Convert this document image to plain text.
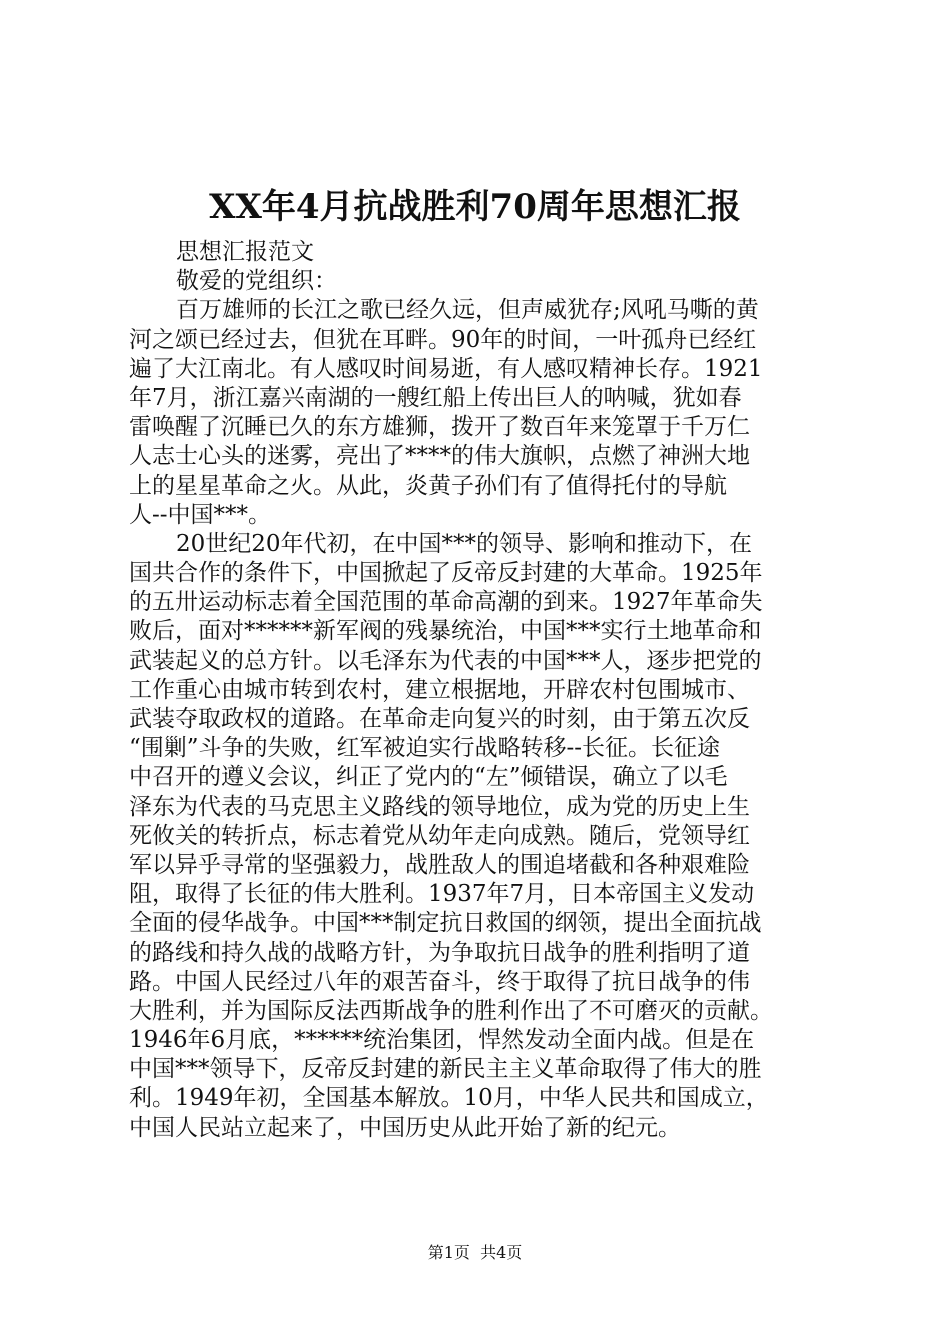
XX年4月抗战胜利70周年思想汇报
思想汇报范文
敬爱的党组织：
百万雄师的长江之歌已经久远，但声威犹存;风吼马嘶的黄
河之颂已经过去，但犹在耳畔。90年的时间，一叶孤舟已经红
遍了大江南北。有人感叹时间易逝，有人感叹精神长存。1921
年7月，浙江嘉兴南湖的一艘红船上传出巨人的呐喊，犹如春
雷唤醒了沉睡已久的东方雄狮，拨开了数百年来笼罩于千万仁
人志士心头的迷雾，亮出了****的伟大旗帜，点燃了神洲大地
上的星星革命之火。从此，炎黄子孙们有了值得托付的导航
人--中国***。
20世纪20年代初，在中国***的领导、影响和推动下，在
国共合作的条件下，中国掀起了反帝反封建的大革命。1925年
的五卅运动标志着全国范围的革命高潮的到来。1927年革命失
败后，面对******新军阀的残暴统治，中国***实行土地革命和
武装起义的总方针。以毛泽东为代表的中国***人，逐步把党的
工作重心由城市转到农村，建立根据地，开辟农村包围城市、
武装夺取政权的道路。在革命走向复兴的时刻，由于第五次反
“围剿”斗争的失败，红军被迫实行战略转移--长征。长征途
中召开的遵义会议，纠正了党内的“左”倾错误，确立了以毛
泽东为代表的马克思主义路线的领导地位，成为党的历史上生
死攸关的转折点，标志着党从幼年走向成熟。随后，党领导红
军以异乎寻常的坚强毅力，战胜敌人的围追堵截和各种艰难险
阻，取得了长征的伟大胜利。1937年7月，日本帝国主义发动
全面的侵华战争。中国***制定抗日救国的纲领，提出全面抗战
的路线和持久战的战略方针，为争取抗日战争的胜利指明了道
路。中国人民经过八年的艰苦奋斗，终于取得了抗日战争的伟
大胜利，并为国际反法西斯战争的胜利作出了不可磨灭的贡献。
1946年6月底，******统治集团，悍然发动全面内战。但是在
中国***领导下，反帝反封建的新民主主义革命取得了伟大的胜
利。1949年初，全国基本解放。10月，中华人民共和国成立，
中国人民站立起来了，中国历史从此开始了新的纪元。
第1页  共4页
